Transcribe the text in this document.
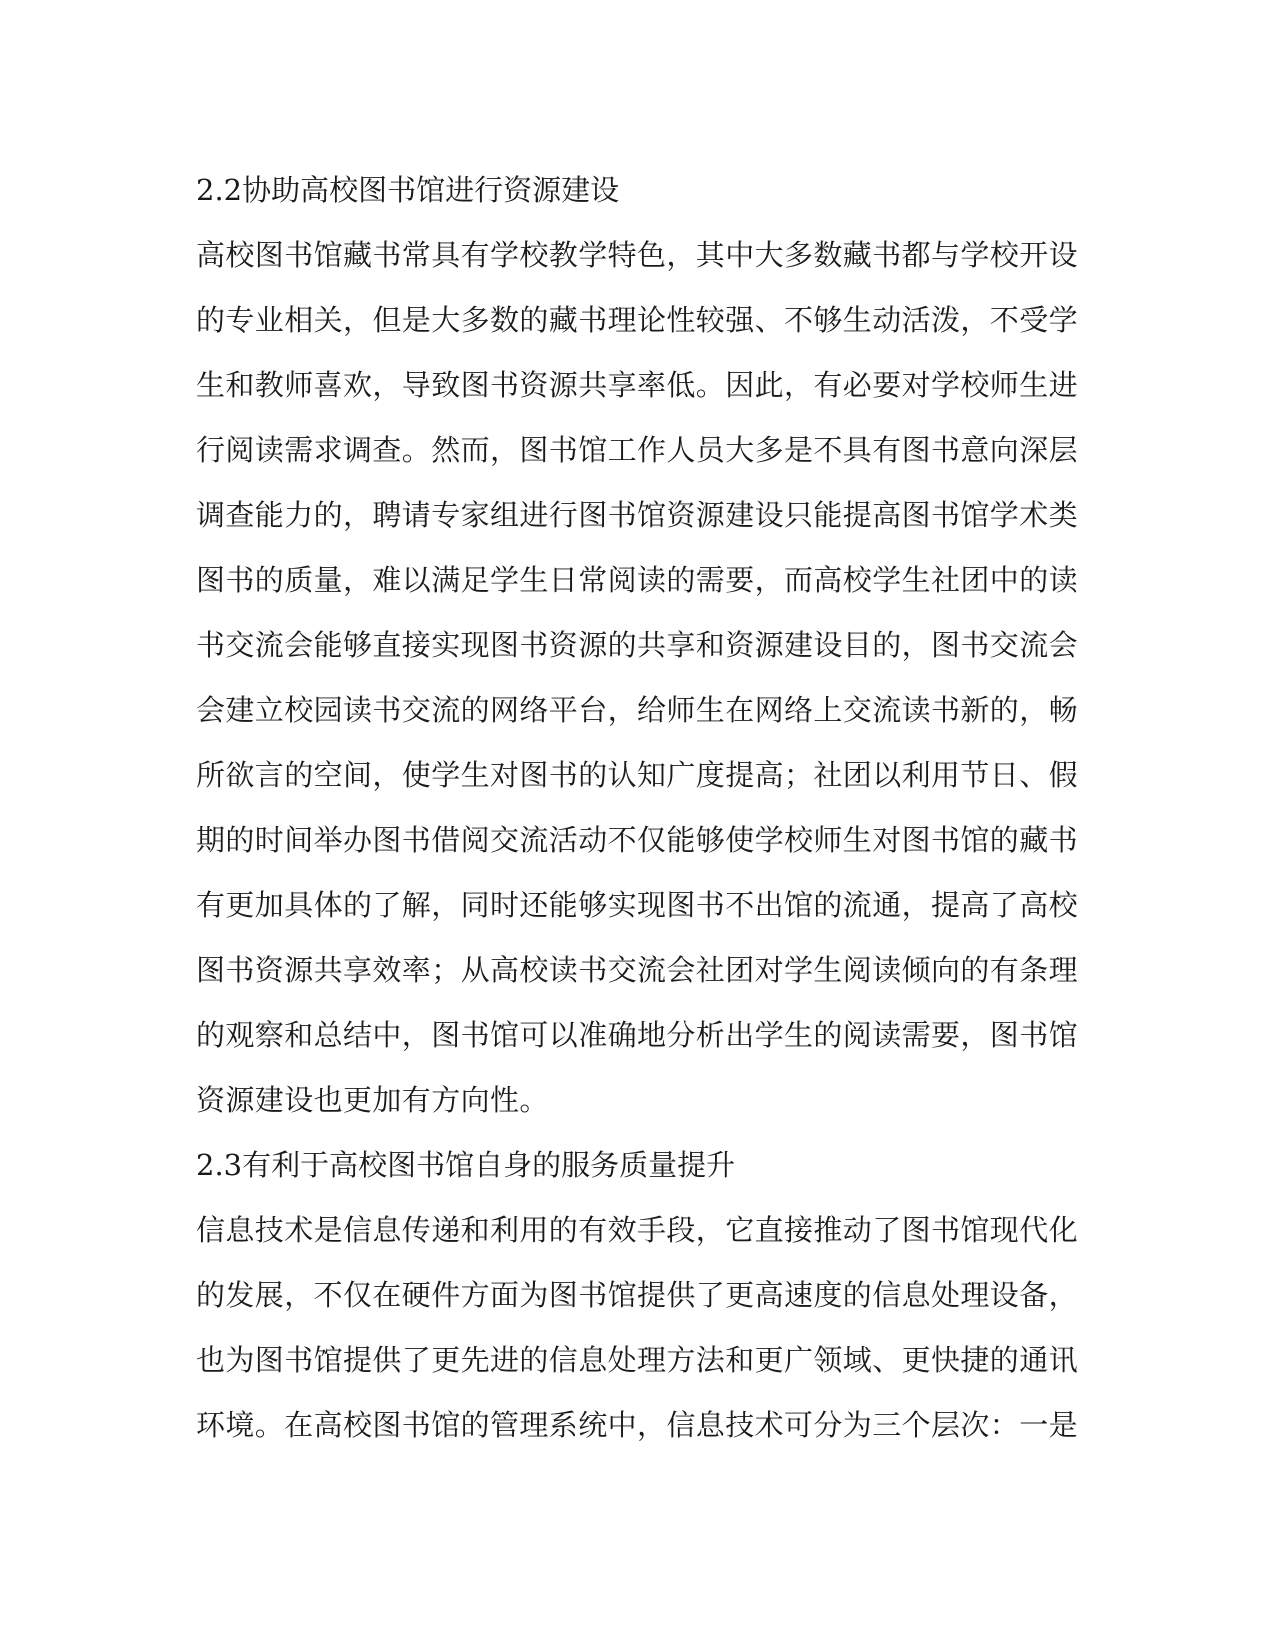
2.2协助高校图书馆进行资源建设
高校图书馆藏书常具有学校教学特色，其中大多数藏书都与学校开设
的专业相关，但是大多数的藏书理论性较强、不够生动活泼，不受学
生和教师喜欢，导致图书资源共享率低。因此，有必要对学校师生进
行阅读需求调查。然而，图书馆工作人员大多是不具有图书意向深层
调查能力的，聘请专家组进行图书馆资源建设只能提高图书馆学术类
图书的质量，难以满足学生日常阅读的需要，而高校学生社团中的读
书交流会能够直接实现图书资源的共享和资源建设目的，图书交流会
会建立校园读书交流的网络平台，给师生在网络上交流读书新的，畅
所欲言的空间，使学生对图书的认知广度提高；社团以利用节日、假
期的时间举办图书借阅交流活动不仅能够使学校师生对图书馆的藏书
有更加具体的了解，同时还能够实现图书不出馆的流通，提高了高校
图书资源共享效率；从高校读书交流会社团对学生阅读倾向的有条理
的观察和总结中，图书馆可以准确地分析出学生的阅读需要，图书馆
资源建设也更加有方向性。
2.3有利于高校图书馆自身的服务质量提升
信息技术是信息传递和利用的有效手段，它直接推动了图书馆现代化
的发展，不仅在硬件方面为图书馆提供了更高速度的信息处理设备，
也为图书馆提供了更先进的信息处理方法和更广领域、更快捷的通讯
环境。在高校图书馆的管理系统中，信息技术可分为三个层次：一是
